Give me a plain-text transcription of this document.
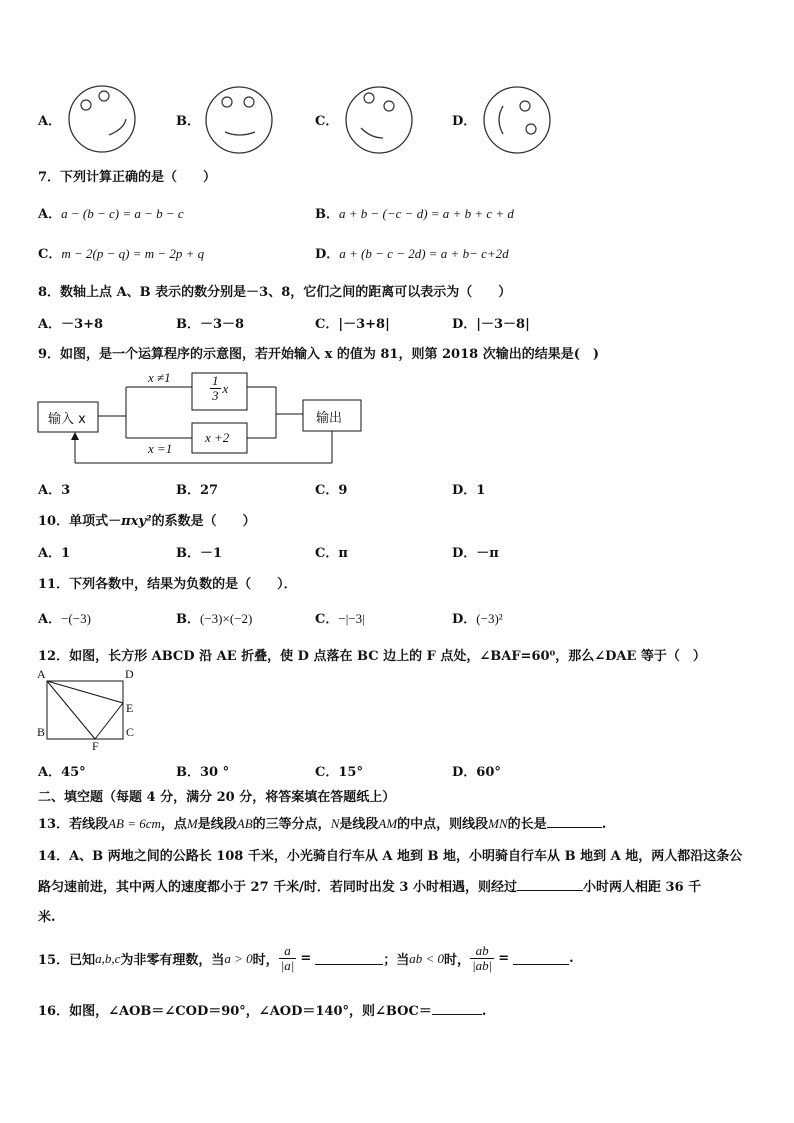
A．	B．	C．	D．
7．下列计算正确的是（　　）
A．a − (b − c) = a − b − c	B．a + b − (−c − d) = a + b + c + d
C．m − 2(p − q) = m − 2p + q	D．a + (b − c − 2d) = a + b− c+2d
8．数轴上点 A、B 表示的数分别是－3、8，它们之间的距离可以表示为（　　）
A．－3+8	B．－3－8	C．|－3+8|	D．|－3－8|
9．如图，是一个运算程序的示意图，若开始输入 x 的值为 81，则第 2018 次输出的结果是(　)
输入 x	输出
x ≠1
x =1
$\frac{1}{3}$ x
x +2
A．3	B．27	C．9	D．1
10．单项式－πxy²的系数是（　　）
A．1	B．－1	C．π	D．－π
11．下列各数中，结果为负数的是（　　）．
A．−(−3)	B．(−3)×(−2)	C．−|−3|	D．(−3)²
12．如图，长方形 ABCD 沿 AE 折叠，使 D 点落在 BC 边上的 F 点处，∠BAF=60⁰，那么∠DAE 等于（　）
A	D
E
B	C
F
A．45°	B．30 °	C．15°	D．60°
二、填空题（每题 4 分，满分 20 分，将答案填在答题纸上）
13．若线段AB = 6cm，点M是线段AB的三等分点，N是线段AM的中点，则线段MN的长是	.
14．A、B 两地之间的公路长 108 千米，小光骑自行车从 A 地到 B 地，小明骑自行车从 B 地到 A 地，两人都沿这条公
路匀速前进，其中两人的速度都小于 27 千米/时．若同时出发 3 小时相遇，则经过	小时两人相距 36 千
米.
15．已知 a,b,c 为非零有理数，当 a > 0 时， $\frac{a}{|a|}$ =	；当 ab < 0 时， $\frac{ab}{|ab|}$ =	.
16．如图，∠AOB＝∠COD＝90°，∠AOD＝140°，则∠BOC＝	.
